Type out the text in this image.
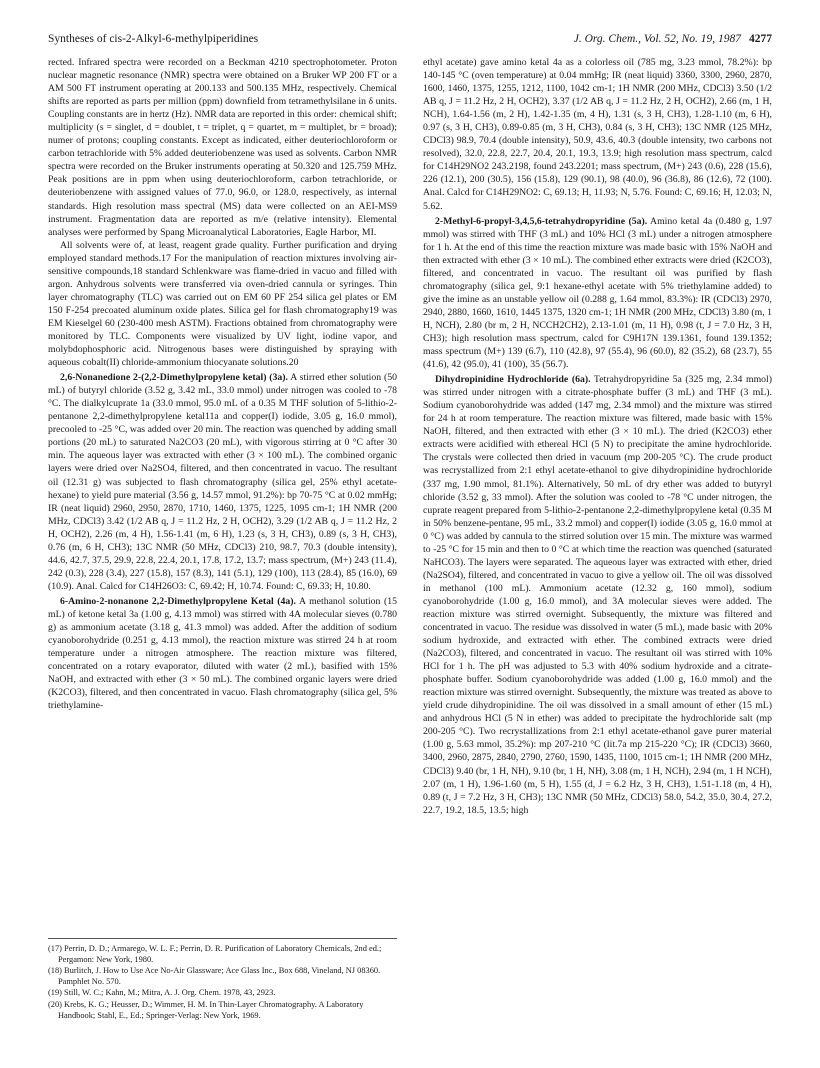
Syntheses of cis-2-Alkyl-6-methylpiperidines	J. Org. Chem., Vol. 52, No. 19, 1987 4277

rected. Infrared spectra were recorded on a Beckman 4210 spectrophotometer. Proton nuclear magnetic resonance (NMR) spectra were obtained on a Bruker WP 200 FT or a AM 500 FT instrument operating at 200.133 and 500.135 MHz, respectively. Chemical shifts are reported as parts per million (ppm) downfield from tetramethylsilane in δ units. Coupling constants are in hertz (Hz). NMR data are reported in this order: chemical shift; multiplicity (s = singlet, d = doublet, t = triplet, q = quartet, m = multiplet, br = broad); numer of protons; coupling constants. Except as indicated, either deuteriochloroform or carbon tetrachloride with 5% added deuteriobenzene was used as solvents. Carbon NMR spectra were recorded on the Bruker instruments operating at 50.320 and 125.759 MHz. Peak positions are in ppm when using deuteriochloroform, carbon tetrachloride, or deuteriobenzene with assigned values of 77.0, 96.0, or 128.0, respectively, as internal standards. High resolution mass spectral (MS) data were collected on an AEI-MS9 instrument. Fragmentation data are reported as m/e (relative intensity). Elemental analyses were performed by Spang Microanalytical Laboratories, Eagle Harbor, MI.

All solvents were of, at least, reagent grade quality. Further purification and drying employed standard methods.17 For the manipulation of reaction mixtures involving air-sensitive compounds,18 standard Schlenkware was flame-dried in vacuo and filled with argon. Anhydrous solvents were transferred via oven-dried cannula or syringes. Thin layer chromatography (TLC) was carried out on EM 60 PF 254 silica gel plates or EM 150 F-254 precoated aluminum oxide plates. Silica gel for flash chromatography19 was EM Kieselgel 60 (230-400 mesh ASTM). Fractions obtained from chromatography were monitored by TLC. Components were visualized by UV light, iodine vapor, and molybdophosphoric acid. Nitrogenous bases were distinguished by spraying with aqueous cobalt(II) chloride-ammonium thiocyanate solutions.20

2,6-Nonanedione 2-(2,2-Dimethylpropylene ketal) (3a). A stirred ether solution (50 mL) of butyryl chloride (3.52 g, 3.42 mL, 33.0 mmol) under nitrogen was cooled to -78 °C. The dialkylcuprate 1a (33.0 mmol, 95.0 mL of a 0.35 M THF solution of 5-lithio-2-pentanone 2,2-dimethylpropylene ketal11a and copper(I) iodide, 3.05 g, 16.0 mmol), precooled to -25 °C, was added over 20 min. The reaction was quenched by adding small portions (20 mL) to saturated Na2CO3 (20 mL), with vigorous stirring at 0 °C after 30 min. The aqueous layer was extracted with ether (3 × 100 mL). The combined organic layers were dried over Na2SO4, filtered, and then concentrated in vacuo. The resultant oil (12.31 g) was subjected to flash chromatography (silica gel, 25% ethyl acetate-hexane) to yield pure material (3.56 g, 14.57 mmol, 91.2%): bp 70-75 °C at 0.02 mmHg; IR (neat liquid) 2960, 2950, 2870, 1710, 1460, 1375, 1225, 1095 cm-1; 1H NMR (200 MHz, CDCl3) 3.42 (1/2 AB q, J = 11.2 Hz, 2 H, OCH2), 3.29 (1/2 AB q, J = 11.2 Hz, 2 H, OCH2), 2.26 (m, 4 H), 1.56-1.41 (m, 6 H), 1.23 (s, 3 H, CH3), 0.89 (s, 3 H, CH3), 0.76 (m, 6 H, CH3); 13C NMR (50 MHz, CDCl3) 210, 98.7, 70.3 (double intensity), 44.6, 42.7, 37.5, 29.9, 22.8, 22.4, 20.1, 17.8, 17.2, 13.7; mass spectrum, (M+) 243 (11.4), 242 (0.3), 228 (3.4), 227 (15.8), 157 (8.3), 141 (5.1), 129 (100), 113 (28.4), 85 (16.0), 69 (10.9). Anal. Calcd for C14H26O3: C, 69.42; H, 10.74. Found: C, 69.33; H, 10.80.

6-Amino-2-nonanone 2,2-Dimethylpropylene Ketal (4a). A methanol solution (15 mL) of ketone ketal 3a (1.00 g, 4.13 mmol) was stirred with 4A molecular sieves (0.780 g) as ammonium acetate (3.18 g, 41.3 mmol) was added. After the addition of sodium cyanoborohydride (0.251 g, 4.13 mmol), the reaction mixture was stirred 24 h at room temperature under a nitrogen atmosphere. The reaction mixture was filtered, concentrated on a rotary evaporator, diluted with water (2 mL), basified with 15% NaOH, and extracted with ether (3 × 50 mL). The combined organic layers were dried (K2CO3), filtered, and then concentrated in vacuo. Flash chromatography (silica gel, 5% triethylamine-

(17) Perrin, D. D.; Armarego, W. L. F.; Perrin, D. R. Purification of Laboratory Chemicals, 2nd ed.; Pergamon: New York, 1980.

(18) Burlitch, J. How to Use Ace No-Air Glassware; Ace Glass Inc., Box 688, Vineland, NJ 08360. Pamphlet No. 570.

(19) Still, W. C.; Kahn, M.; Mitra, A. J. Org. Chem. 1978, 43, 2923.

(20) Krebs, K. G.; Heusser, D.; Wimmer, H. M. In Thin-Layer Chromatography. A Laboratory Handbook; Stahl, E., Ed.; Springer-Verlag: New York, 1969.

ethyl acetate) gave amino ketal 4a as a colorless oil (785 mg, 3.23 mmol, 78.2%): bp 140-145 °C (oven temperature) at 0.04 mmHg; IR (neat liquid) 3360, 3300, 2960, 2870, 1600, 1460, 1375, 1255, 1212, 1100, 1042 cm-1; 1H NMR (200 MHz, CDCl3) 3.50 (1/2 AB q, J = 11.2 Hz, 2 H, OCH2), 3.37 (1/2 AB q, J = 11.2 Hz, 2 H, OCH2), 2.66 (m, 1 H, NCH), 1.64-1.56 (m, 2 H), 1.42-1.35 (m, 4 H), 1.31 (s, 3 H, CH3), 1.28-1.10 (m, 6 H), 0.97 (s, 3 H, CH3), 0.89-0.85 (m, 3 H, CH3), 0.84 (s, 3 H, CH3); 13C NMR (125 MHz, CDCl3) 98.9, 70.4 (double intensity), 50.9, 43.6, 40.3 (double intensity, two carbons not resolved), 32.0, 22.8, 22.7, 20.4, 20.1, 19.3, 13.9; high resolution mass spectrum, calcd for C14H29NO2 243.2198, found 243.2201; mass spectrum, (M+) 243 (0.6), 228 (15.6), 226 (12.1), 200 (30.5), 156 (15.8), 129 (90.1), 98 (40.0), 96 (36.8), 86 (12.6), 72 (100). Anal. Calcd for C14H29NO2: C, 69.13; H, 11.93; N, 5.76. Found: C, 69.16; H, 12.03; N, 5.62.

2-Methyl-6-propyl-3,4,5,6-tetrahydropyridine (5a). Amino ketal 4a (0.480 g, 1.97 mmol) was stirred with THF (3 mL) and 10% HCl (3 mL) under a nitrogen atmosphere for 1 h. At the end of this time the reaction mixture was made basic with 15% NaOH and then extracted with ether (3 × 10 mL). The combined ether extracts were dried (K2CO3), filtered, and concentrated in vacuo. The resultant oil was purified by flash chromatography (silica gel, 9:1 hexane-ethyl acetate with 5% triethylamine added) to give the imine as an unstable yellow oil (0.288 g, 1.64 mmol, 83.3%): IR (CDCl3) 2970, 2940, 2880, 1660, 1610, 1445 1375, 1320 cm-1; 1H NMR (200 MHz, CDCl3) 3.80 (m, 1 H, NCH), 2.80 (br m, 2 H, NCCH2CH2), 2.13-1.01 (m, 11 H), 0.98 (t, J = 7.0 Hz, 3 H, CH3); high resolution mass spectrum, calcd for C9H17N 139.1361, found 139.1352; mass spectrum (M+) 139 (6.7), 110 (42.8), 97 (55.4), 96 (60.0), 82 (35.2), 68 (23.7), 55 (41.6), 42 (95.0), 41 (100), 35 (56.7).

Dihydropinidine Hydrochloride (6a). Tetrahydropyridine 5a (325 mg, 2.34 mmol) was stirred under nitrogen with a citrate-phosphate buffer (3 mL) and THF (3 mL). Sodium cyanoborohydride was added (147 mg, 2.34 mmol) and the mixture was stirred for 24 h at room temperature. The reaction mixture was filtered, made basic with 15% NaOH, filtered, and then extracted with ether (3 × 10 mL). The dried (K2CO3) ether extracts were acidified with ethereal HCl (5 N) to precipitate the amine hydrochloride. The crystals were collected then dried in vacuum (mp 200-205 °C). The crude product was recrystallized from 2:1 ethyl acetate-ethanol to give dihydropinidine hydrochloride (337 mg, 1.90 mmol, 81.1%). Alternatively, 50 mL of dry ether was added to butyryl chloride (3.52 g, 33 mmol). After the solution was cooled to -78 °C under nitrogen, the cuprate reagent prepared from 5-lithio-2-pentanone 2,2-dimethylpropylene ketal (0.35 M in 50% benzene-pentane, 95 mL, 33.2 mmol) and copper(I) iodide (3.05 g, 16.0 mmol at 0 °C) was added by cannula to the stirred solution over 15 min. The mixture was warmed to -25 °C for 15 min and then to 0 °C at which time the reaction was quenched (saturated NaHCO3). The layers were separated. The aqueous layer was extracted with ether, dried (Na2SO4), filtered, and concentrated in vacuo to give a yellow oil. The oil was dissolved in methanol (100 mL). Ammonium acetate (12.32 g, 160 mmol), sodium cyanoborohydride (1.00 g, 16.0 mmol), and 3A molecular sieves were added. The reaction mixture was stirred overnight. Subsequently, the mixture was filtered and concentrated in vacuo. The residue was dissolved in water (5 mL), made basic with 20% sodium hydroxide, and extracted with ether. The combined extracts were dried (Na2CO3), filtered, and concentrated in vacuo. The resultant oil was stirred with 10% HCl for 1 h. The pH was adjusted to 5.3 with 40% sodium hydroxide and a citrate-phosphate buffer. Sodium cyanoborohydride was added (1.00 g, 16.0 mmol) and the reaction mixture was stirred overnight. Subsequently, the mixture was treated as above to yield crude dihydropinidine. The oil was dissolved in a small amount of ether (15 mL) and anhydrous HCl (5 N in ether) was added to precipitate the hydrochloride salt (mp 200-205 °C). Two recrystallizations from 2:1 ethyl acetate-ethanol gave purer material (1.00 g, 5.63 mmol, 35.2%): mp 207-210 °C (lit.7a mp 215-220 °C); IR (CDCl3) 3660, 3400, 2960, 2875, 2840, 2790, 2760, 1590, 1435, 1100, 1015 cm-1; 1H NMR (200 MHz, CDCl3) 9.40 (br, 1 H, NH), 9.10 (br, 1 H, NH), 3.08 (m, 1 H, NCH), 2.94 (m, 1 H NCH), 2.07 (m, 1 H), 1.96-1.60 (m, 5 H), 1.55 (d, J = 6.2 Hz, 3 H, CH3), 1.51-1.18 (m, 4 H), 0.89 (t, J = 7.2 Hz, 3 H, CH3); 13C NMR (50 MHz, CDCl3) 58.0, 54.2, 35.0, 30.4, 27.2, 22.7, 19.2, 18.5, 13.5; high
